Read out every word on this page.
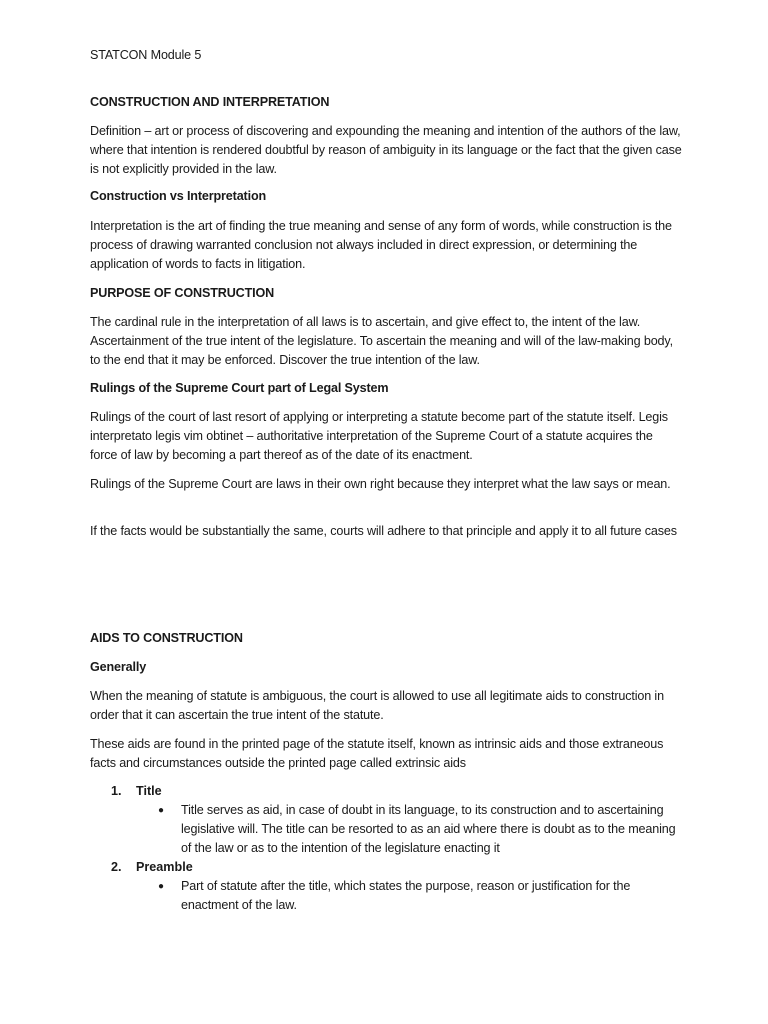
STATCON Module 5

CONSTRUCTION AND INTERPRETATION

Definition – art or process of discovering and expounding the meaning and intention of the authors of the law, where that intention is rendered doubtful by reason of ambiguity in its language or the fact that the given case is not explicitly provided in the law.

Construction vs Interpretation

Interpretation is the art of finding the true meaning and sense of any form of words, while construction is the process of drawing warranted conclusion not always included in direct expression, or determining the application of words to facts in litigation.

PURPOSE OF CONSTRUCTION

The cardinal rule in the interpretation of all laws is to ascertain, and give effect to, the intent of the law. Ascertainment of the true intent of the legislature. To ascertain the meaning and will of the law-making body, to the end that it may be enforced. Discover the true intention of the law.

Rulings of the Supreme Court part of Legal System

Rulings of the court of last resort of applying or interpreting a statute become part of the statute itself. Legis interpretato legis vim obtinet – authoritative interpretation of the Supreme Court of a statute acquires the force of law by becoming a part thereof as of the date of its enactment.

Rulings of the Supreme Court are laws in their own right because they interpret what the law says or mean.

If the facts would be substantially the same, courts will adhere to that principle and apply it to all future cases

AIDS TO CONSTRUCTION

Generally

When the meaning of statute is ambiguous, the court is allowed to use all legitimate aids to construction in order that it can ascertain the true intent of the statute.

These aids are found in the printed page of the statute itself, known as intrinsic aids and those extraneous facts and circumstances outside the printed page called extrinsic aids

1.	Title
● Title serves as aid, in case of doubt in its language, to its construction and to ascertaining legislative will. The title can be resorted to as an aid where there is doubt as to the meaning of the law or as to the intention of the legislature enacting it
2.	Preamble
● Part of statute after the title, which states the purpose, reason or justification for the enactment of the law.
